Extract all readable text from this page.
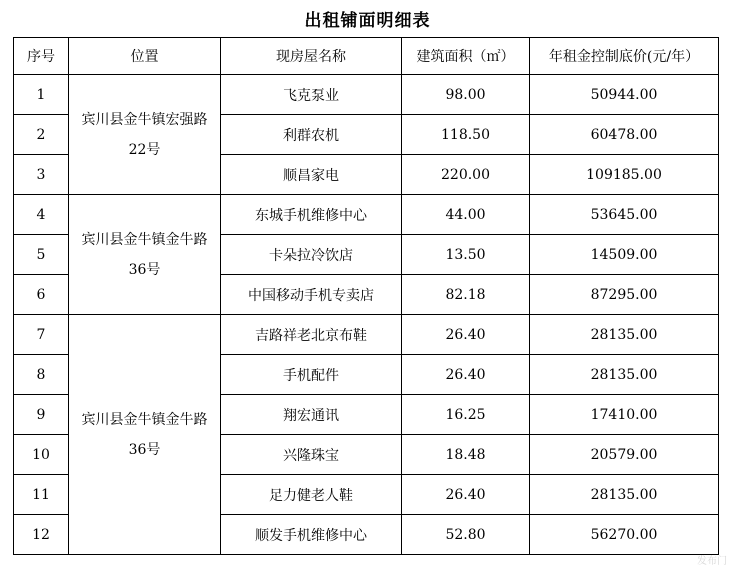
出租铺面明细表
序号	位置	现房屋名称	建筑面积（㎡）	年租金控制底价(元/年）
1	宾川县金牛镇宏强路22号	飞克泵业	98.00	50944.00
2		利群农机	118.50	60478.00
3		顺昌家电	220.00	109185.00
4	宾川县金牛镇金牛路36号	东城手机维修中心	44.00	53645.00
5		卡朵拉冷饮店	13.50	14509.00
6		中国移动手机专卖店	82.18	87295.00
7	宾川县金牛镇金牛路36号	吉路祥老北京布鞋	26.40	28135.00
8		手机配件	26.40	28135.00
9		翔宏通讯	16.25	17410.00
10		兴隆珠宝	18.48	20579.00
11		足力健老人鞋	26.40	28135.00
12		顺发手机维修中心	52.80	56270.00
发布门
